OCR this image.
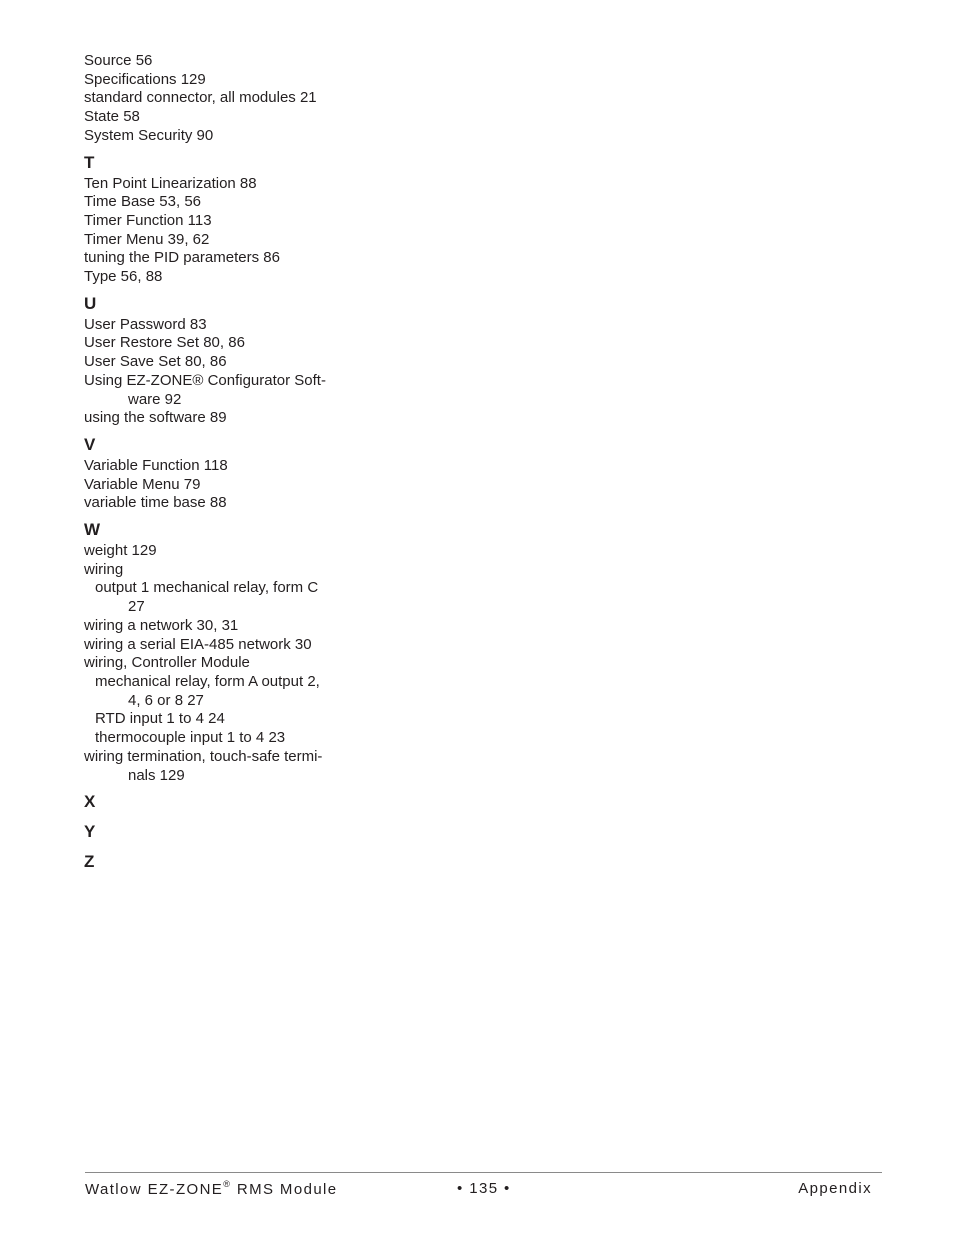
Source 56
Specifications 129
standard connector, all modules 21
State 58
System Security 90
T
Ten Point Linearization 88
Time Base 53, 56
Timer Function 113
Timer Menu 39, 62
tuning the PID parameters 86
Type 56, 88
U
User Password 83
User Restore Set 80, 86
User Save Set 80, 86
Using EZ-ZONE® Configurator Soft-
ware 92
using the software 89
V
Variable Function 118
Variable Menu 79
variable time base 88
W
weight 129
wiring
output 1 mechanical relay, form C
27
wiring a network 30, 31
wiring a serial EIA-485 network 30
wiring, Controller Module
mechanical relay, form A output 2,
4, 6 or 8 27
RTD input 1 to 4 24
thermocouple input 1 to 4 23
wiring termination, touch-safe termi-
nals 129
X
Y
Z
Watlow EZ-ZONE® RMS Module	• 135 •	Appendix
